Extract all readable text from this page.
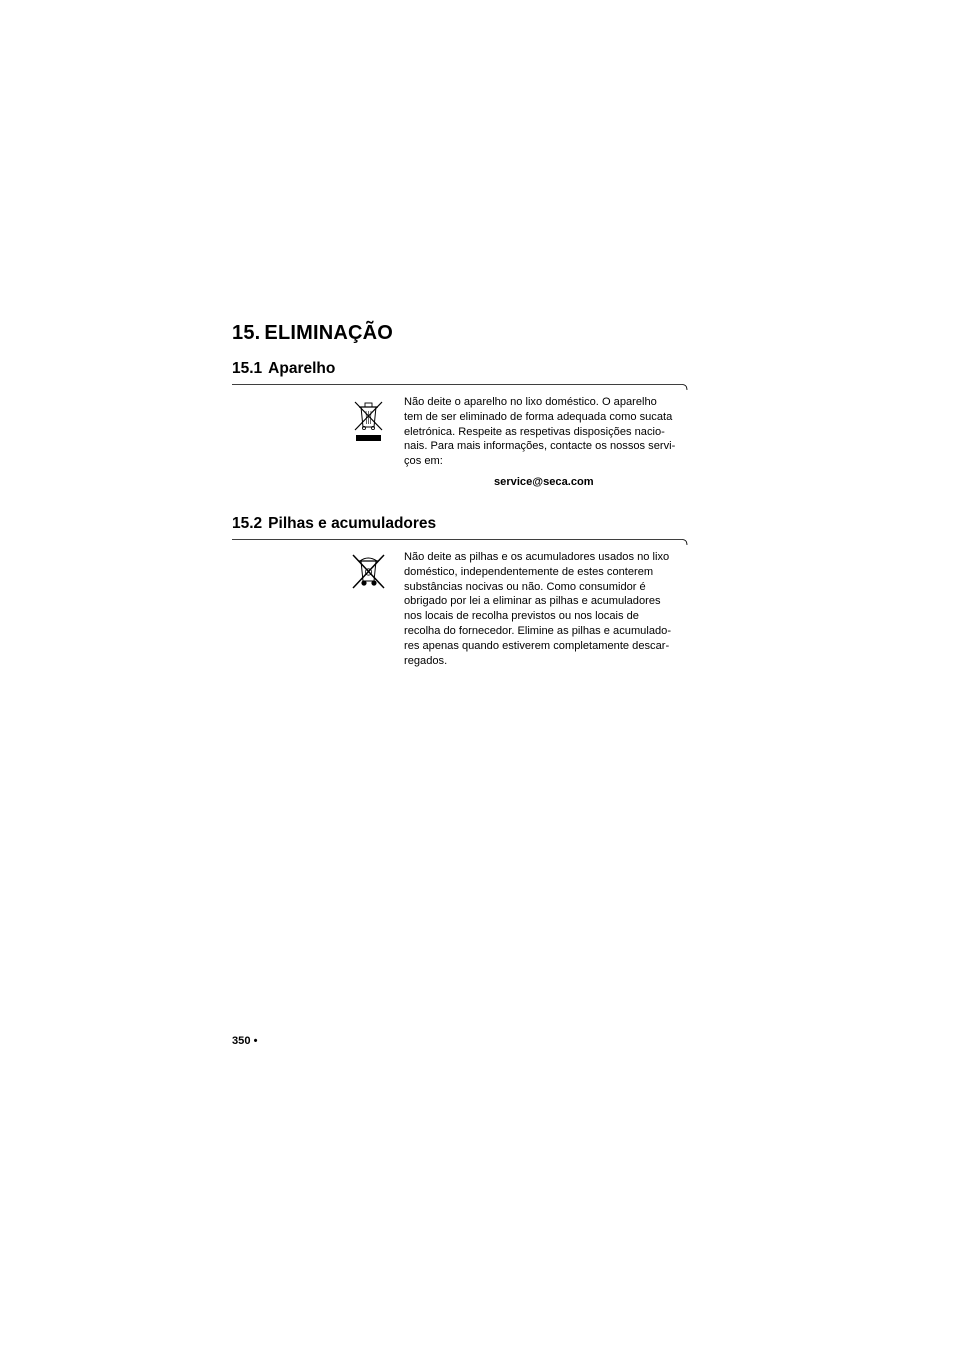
15. ELIMINAÇÃO
15.1 Aparelho

Não deite o aparelho no lixo doméstico. O aparelho
tem de ser eliminado de forma adequada como sucata
eletrónica. Respeite as respetivas disposições nacio-
nais. Para mais informações, contacte os nossos servi-
ços em:

service@seca.com

15.2 Pilhas e acumuladores

Não deite as pilhas e os acumuladores usados no lixo
doméstico, independentemente de estes conterem
substâncias nocivas ou não. Como consumidor é
obrigado por lei a eliminar as pilhas e acumuladores
nos locais de recolha previstos ou nos locais de
recolha do fornecedor. Elimine as pilhas e acumulado-
res apenas quando estiverem completamente descar-
regados.

350 •
